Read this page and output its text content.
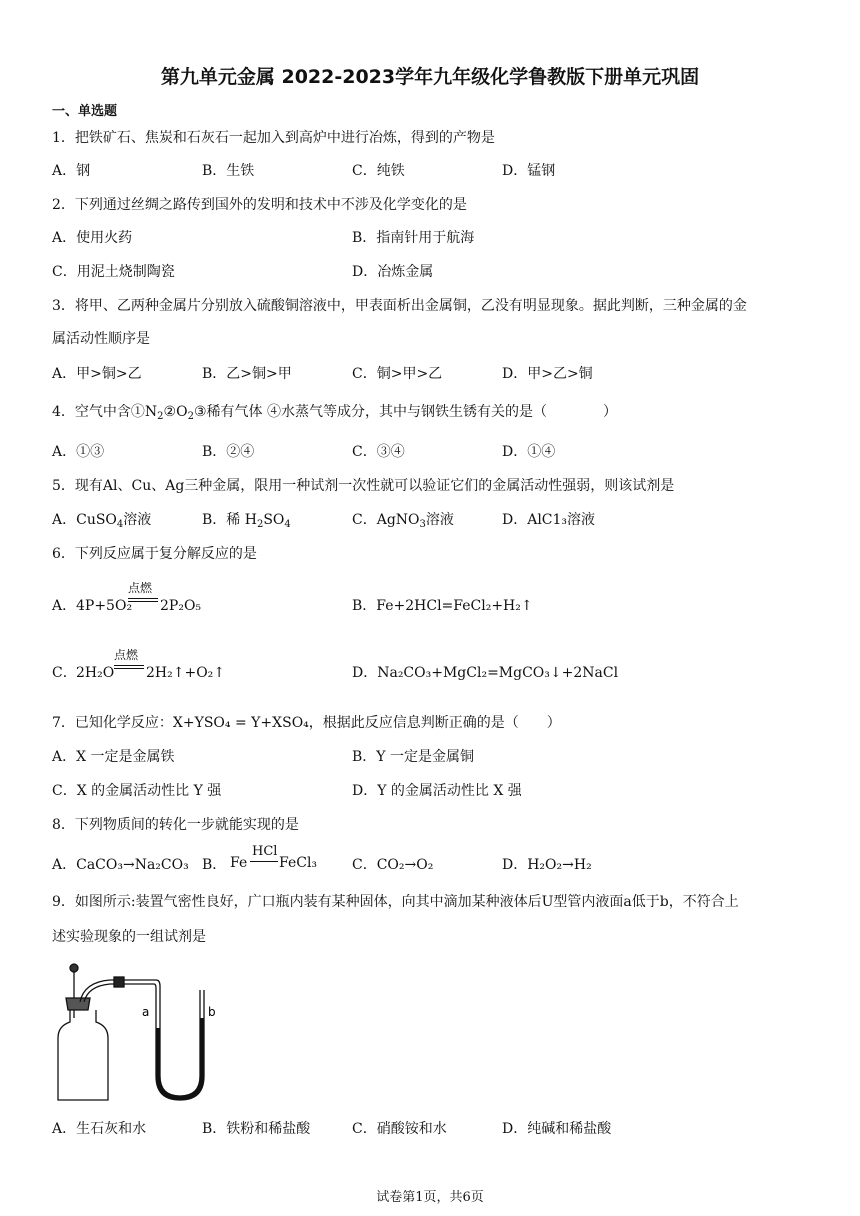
第九单元金属 2022-2023学年九年级化学鲁教版下册单元巩固
一、单选题
1．把铁矿石、焦炭和石灰石一起加入到高炉中进行冶炼，得到的产物是
A．钢	B．生铁	C．纯铁	D．锰钢
2．下列通过丝绸之路传到国外的发明和技术中不涉及化学变化的是
A．使用火药	B．指南针用于航海
C．用泥土烧制陶瓷	D．冶炼金属
3．将甲、乙两种金属片分别放入硫酸铜溶液中，甲表面析出金属铜，乙没有明显现象。据此判断，三种金属的金
属活动性顺序是
A．甲>铜>乙	B．乙>铜>甲	C．铜>甲>乙	D．甲>乙>铜
4．空气中含$①N_2②O_2③$稀有气体 ④水蒸气等成分，其中与钢铁生锈有关的是（　　　　）
A．①③	B．②④	C．③④	D．①④
5．现有Al、Cu、Ag三种金属，限用一种试剂一次性就可以验证它们的金属活动性强弱，则该试剂是
A．CuSO$_4$溶液	B．稀 $H_2SO_4$	C．AgNO$_3$溶液	D．AlC1₃溶液
6．下列反应属于复分解反应的是
A． 4P+5O₂
点燃
2P₂O₅	B．Fe+2HCl=FeCl₂+H₂↑
C． 2H₂O
点燃
2H₂↑+O₂↑	D．Na₂CO₃+MgCl₂=MgCO₃↓+2NaCl
7．已知化学反应：X+YSO₄ = Y+XSO₄，根据此反应信息判断正确的是（　　）
A．X 一定是金属铁	B．Y 一定是金属铜
C．X 的金属活动性比 Y 强	D．Y 的金属活动性比 X 强
8．下列物质间的转化一步就能实现的是
A．CaCO₃→Na₂CO₃ B． Fe
HCl
FeCl₃ C．CO₂→O₂	D．H₂O₂→H₂
9．如图所示:装置气密性良好，广口瓶内装有某种固体，向其中滴加某种液体后U型管内液面a低于b，不符合上
述实验现象的一组试剂是
a	b
A．生石灰和水	B．铁粉和稀盐酸	C．硝酸铵和水	D．纯碱和稀盐酸
试卷第1页，共6页
